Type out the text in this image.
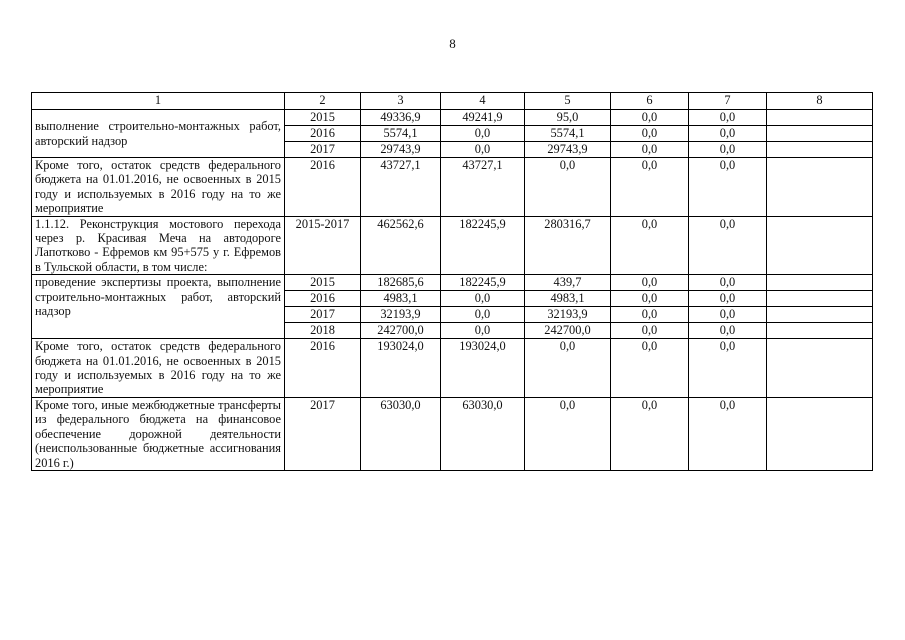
8
1	2	3	4	5	6	7	8
выполнение строительно-монтажных работ, авторский надзор	2015	49336,9	49241,9	95,0	0,0	0,0	
	2016	5574,1	0,0	5574,1	0,0	0,0	
	2017	29743,9	0,0	29743,9	0,0	0,0	
Кроме того, остаток средств федерального бюджета на 01.01.2016, не освоенных в 2015 году и используемых в 2016 году на то же мероприятие	2016	43727,1	43727,1	0,0	0,0	0,0	
1.1.12. Реконструкция мостового перехода через р. Красивая Меча на автодороге Лапотково - Ефремов км 95+575 у г. Ефремов в Тульской области, в том числе:	2015-2017	462562,6	182245,9	280316,7	0,0	0,0	
проведение экспертизы проекта, выполнение строительно-монтажных работ, авторский надзор	2015	182685,6	182245,9	439,7	0,0	0,0	
	2016	4983,1	0,0	4983,1	0,0	0,0	
	2017	32193,9	0,0	32193,9	0,0	0,0	
	2018	242700,0	0,0	242700,0	0,0	0,0	
Кроме того, остаток средств федерального бюджета на 01.01.2016, не освоенных в 2015 году и используемых в 2016 году на то же мероприятие	2016	193024,0	193024,0	0,0	0,0	0,0	
Кроме того, иные межбюджетные трансферты из федерального бюджета на финансовое обеспечение дорожной деятельности (неиспользованные бюджетные ассигнования 2016 г.)	2017	63030,0	63030,0	0,0	0,0	0,0	
